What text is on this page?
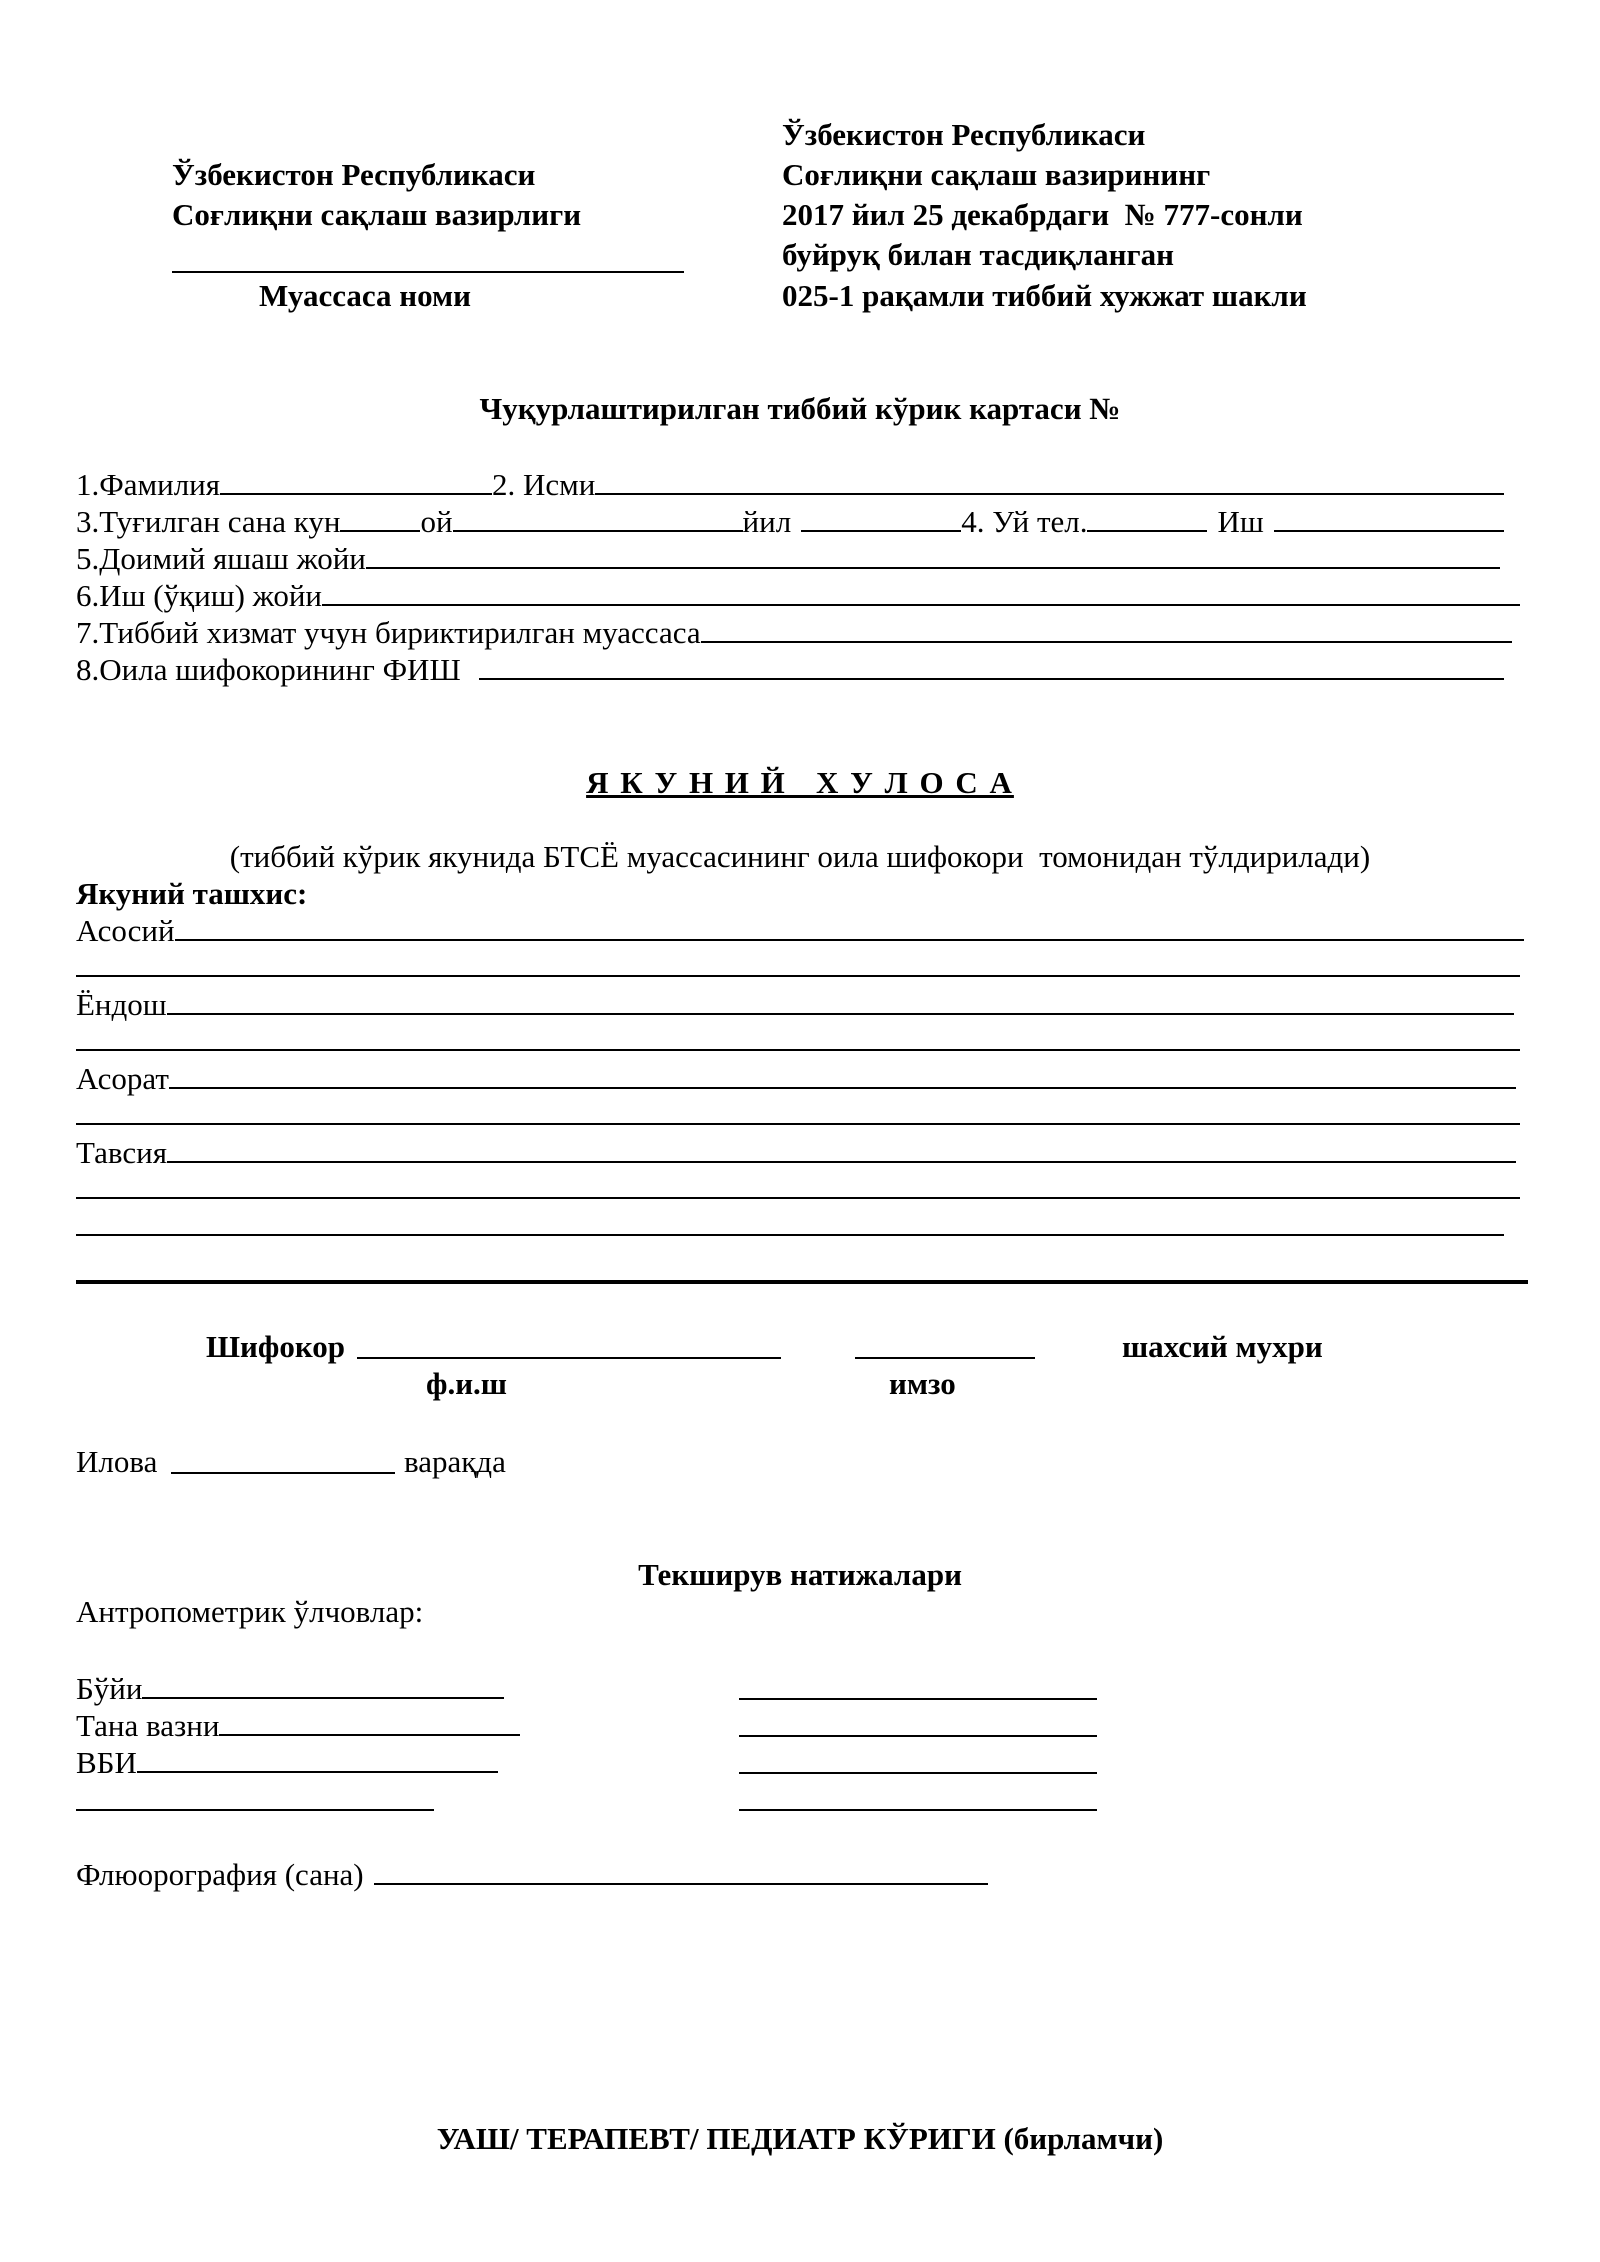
Ўзбекистон Республикаси
Соғлиқни сақлаш вазирлиги
Муассаса номи
Ўзбекистон Республикаси
Соғлиқни сақлаш вазирининг
2017 йил 25 декабрдаги  № 777-сонли
буйруқ билан тасдиқланган
025-1 рақамли тиббий хужжат шакли
Чуқурлаштирилган тиббий кўрик картаси №
1.Фамилия	2. Исми
3.Туғилган сана кун	ой	йил	4. Уй тел.	Иш
5.Доимий яшаш жойи
6.Иш (ўқиш) жойи
7.Тиббий хизмат учун бириктирилган муассаса
8.Оила шифокорининг ФИШ
Я К У Н И Й   Х У Л О С А
(тиббий кўрик якунида БТСЁ муассасининг оила шифокори  томонидан тўлдирилади)
Якуний ташхис:
Асосий
Ёндош
Асорат
Тавсия
Шифокор	шахсий мухри
ф.и.ш	имзо
Илова	варақда
Текширув натижалари
Антропометрик ўлчовлар:
Бўйи
Тана вазни
ВБИ
Флюорография (сана)
УАШ/ ТЕРАПЕВТ/ ПЕДИАТР КЎРИГИ (бирламчи)
